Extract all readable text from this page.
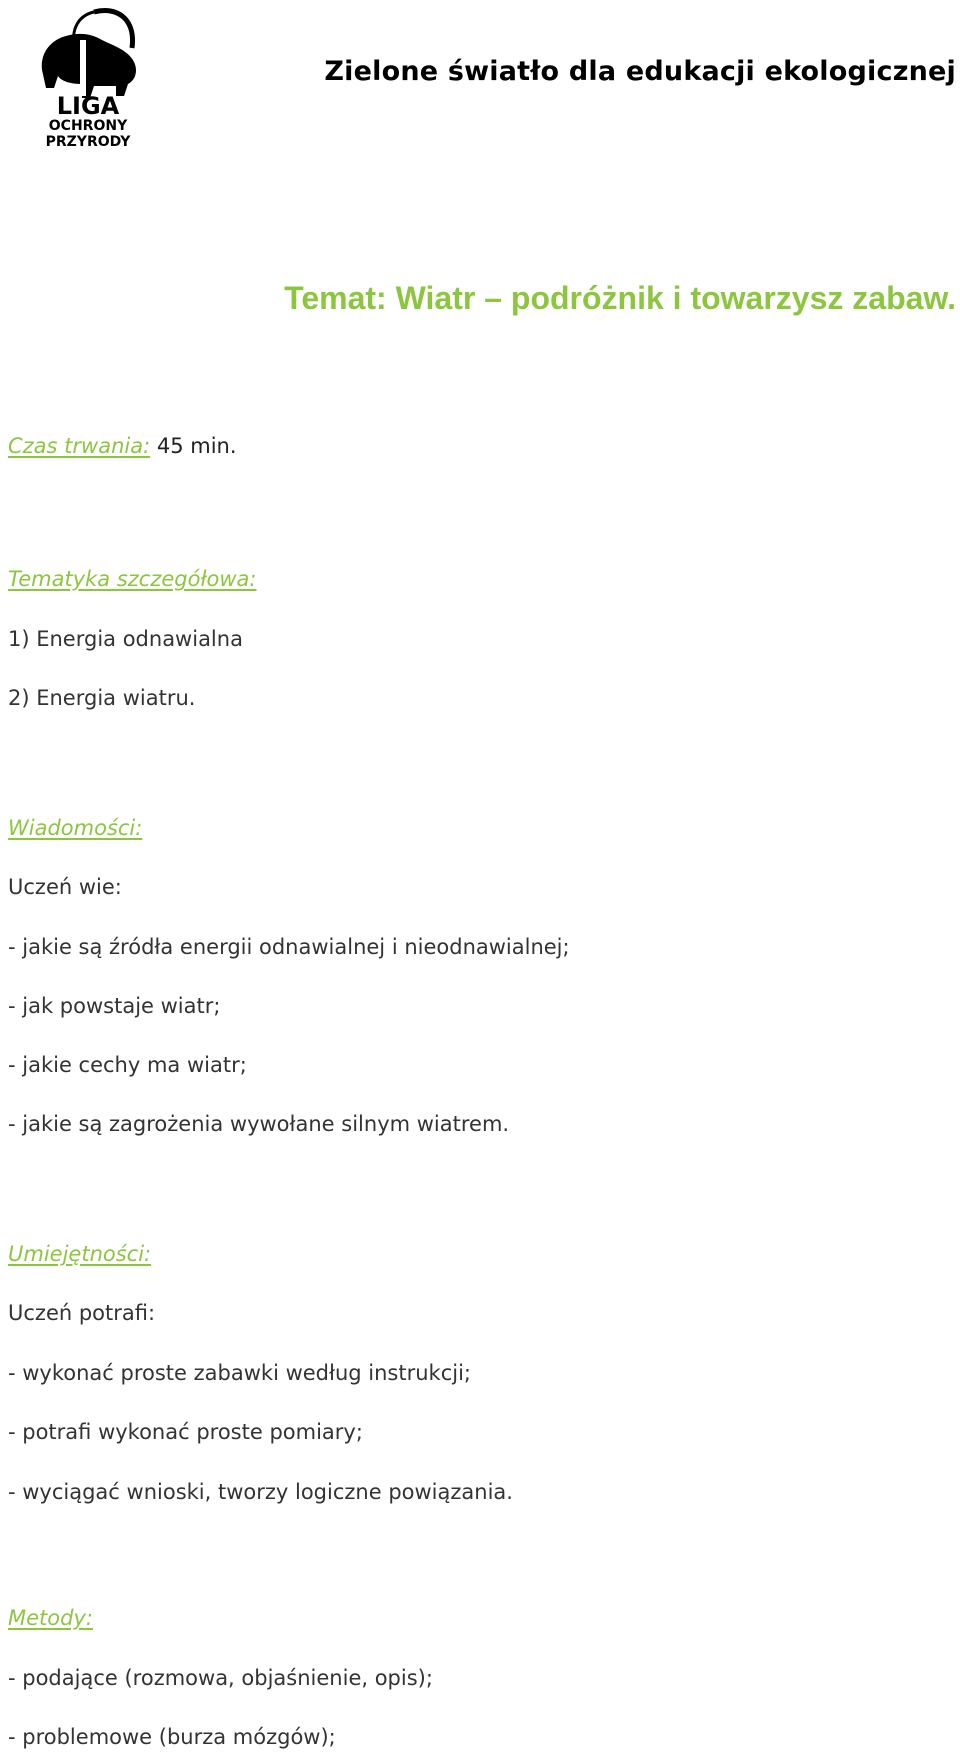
LIGA
OCHRONY
PRZYRODY
Zielone światło dla edukacji ekologicznej
Temat: Wiatr – podróżnik i towarzysz zabaw.
Czas trwania: 45 min.
Tematyka szczegółowa:
1) Energia odnawialna
2) Energia wiatru.
Wiadomości:
Uczeń wie:
- jakie są źródła energii odnawialnej i nieodnawialnej;
- jak powstaje wiatr;
- jakie cechy ma wiatr;
- jakie są zagrożenia wywołane silnym wiatrem.
Umiejętności:
Uczeń potrafi:
- wykonać proste zabawki według instrukcji;
- potrafi wykonać proste pomiary;
- wyciągać wnioski, tworzy logiczne powiązania.
Metody:
- podające (rozmowa, objaśnienie, opis);
- problemowe (burza mózgów);
